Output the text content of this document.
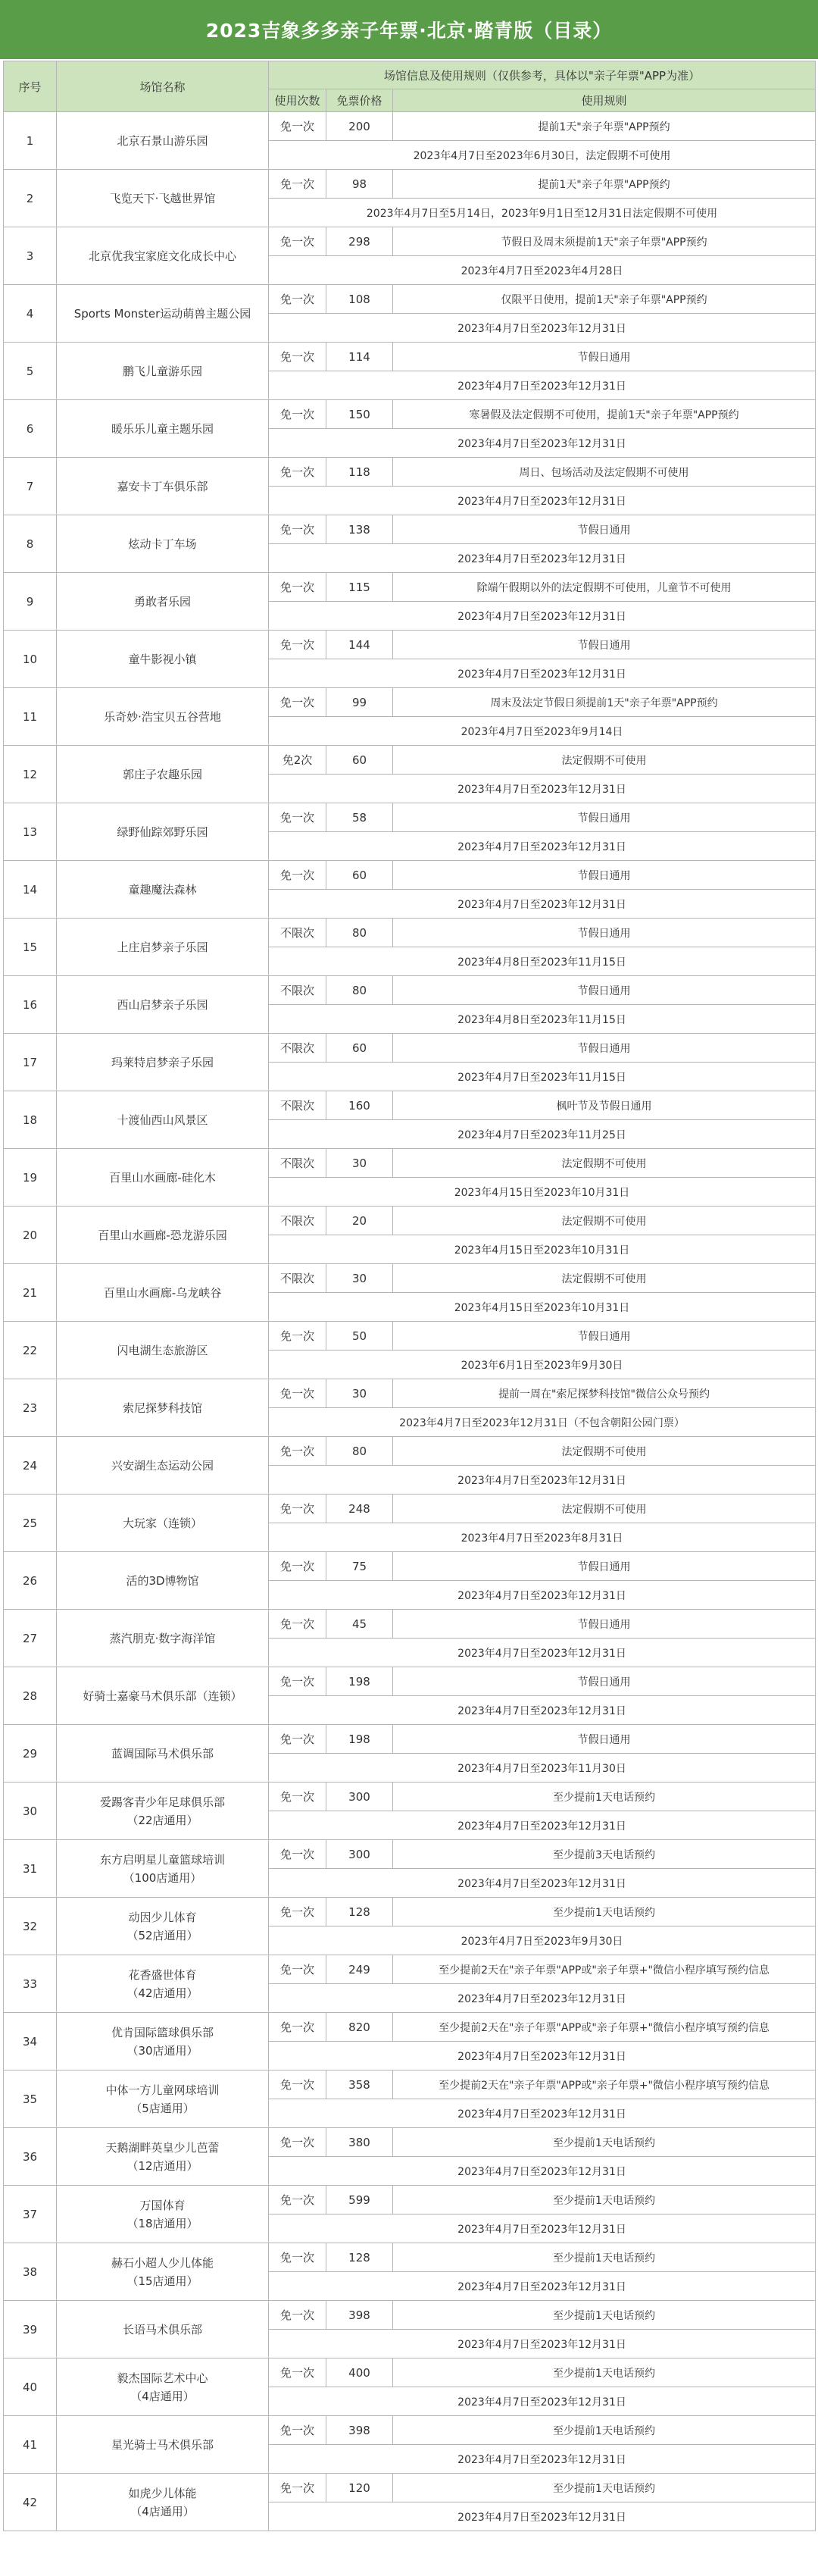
2023吉象多多亲子年票·北京·踏青版（目录）
序号	场馆名称	场馆信息及使用规则（仅供参考，具体以"亲子年票"APP为准）		
		使用次数	免票价格	使用规则
1	北京石景山游乐园	免一次	200	提前1天"亲子年票"APP预约
		2023年4月7日至2023年6月30日，法定假期不可使用		
2	飞览天下·飞越世界馆	免一次	98	提前1天"亲子年票"APP预约
		2023年4月7日至5月14日，2023年9月1日至12月31日法定假期不可使用		
3	北京优我宝家庭文化成长中心	免一次	298	节假日及周末须提前1天"亲子年票"APP预约
		2023年4月7日至2023年4月28日		
4	Sports Monster运动萌兽主题公园	免一次	108	仅限平日使用，提前1天"亲子年票"APP预约
		2023年4月7日至2023年12月31日		
5	鹏飞儿童游乐园	免一次	114	节假日通用
		2023年4月7日至2023年12月31日		
6	暖乐乐儿童主题乐园	免一次	150	寒暑假及法定假期不可使用，提前1天"亲子年票"APP预约
		2023年4月7日至2023年12月31日		
7	嘉安卡丁车俱乐部	免一次	118	周日、包场活动及法定假期不可使用
		2023年4月7日至2023年12月31日		
8	炫动卡丁车场	免一次	138	节假日通用
		2023年4月7日至2023年12月31日		
9	勇敢者乐园	免一次	115	除端午假期以外的法定假期不可使用，儿童节不可使用
		2023年4月7日至2023年12月31日		
10	童牛影视小镇	免一次	144	节假日通用
		2023年4月7日至2023年12月31日		
11	乐奇妙·浩宝贝五谷营地	免一次	99	周末及法定节假日须提前1天"亲子年票"APP预约
		2023年4月7日至2023年9月14日		
12	郭庄子农趣乐园	免2次	60	法定假期不可使用
		2023年4月7日至2023年12月31日		
13	绿野仙踪郊野乐园	免一次	58	节假日通用
		2023年4月7日至2023年12月31日		
14	童趣魔法森林	免一次	60	节假日通用
		2023年4月7日至2023年12月31日		
15	上庄启梦亲子乐园	不限次	80	节假日通用
		2023年4月8日至2023年11月15日		
16	西山启梦亲子乐园	不限次	80	节假日通用
		2023年4月8日至2023年11月15日		
17	玛莱特启梦亲子乐园	不限次	60	节假日通用
		2023年4月7日至2023年11月15日		
18	十渡仙西山风景区	不限次	160	枫叶节及节假日通用
		2023年4月7日至2023年11月25日		
19	百里山水画廊-硅化木	不限次	30	法定假期不可使用
		2023年4月15日至2023年10月31日		
20	百里山水画廊-恐龙游乐园	不限次	20	法定假期不可使用
		2023年4月15日至2023年10月31日		
21	百里山水画廊-乌龙峡谷	不限次	30	法定假期不可使用
		2023年4月15日至2023年10月31日		
22	闪电湖生态旅游区	免一次	50	节假日通用
		2023年6月1日至2023年9月30日		
23	索尼探梦科技馆	免一次	30	提前一周在"索尼探梦科技馆"微信公众号预约
		2023年4月7日至2023年12月31日（不包含朝阳公园门票）		
24	兴安湖生态运动公园	免一次	80	法定假期不可使用
		2023年4月7日至2023年12月31日		
25	大玩家（连锁）	免一次	248	法定假期不可使用
		2023年4月7日至2023年8月31日		
26	活的3D博物馆	免一次	75	节假日通用
		2023年4月7日至2023年12月31日		
27	蒸汽朋克·数字海洋馆	免一次	45	节假日通用
		2023年4月7日至2023年12月31日		
28	好骑士嘉豪马术俱乐部（连锁）	免一次	198	节假日通用
		2023年4月7日至2023年12月31日		
29	蓝调国际马术俱乐部	免一次	198	节假日通用
		2023年4月7日至2023年11月30日		
30	爱踢客青少年足球俱乐部
（22店通用）	免一次	300	至少提前1天电话预约
		2023年4月7日至2023年12月31日		
31	东方启明星儿童篮球培训
（100店通用）	免一次	300	至少提前3天电话预约
		2023年4月7日至2023年12月31日		
32	动因少儿体育
（52店通用）	免一次	128	至少提前1天电话预约
		2023年4月7日至2023年9月30日		
33	花香盛世体育
（42店通用）	免一次	249	至少提前2天在"亲子年票"APP或"亲子年票+"微信小程序填写预约信息
		2023年4月7日至2023年12月31日		
34	优肯国际篮球俱乐部
（30店通用）	免一次	820	至少提前2天在"亲子年票"APP或"亲子年票+"微信小程序填写预约信息
		2023年4月7日至2023年12月31日		
35	中体一方儿童网球培训
（5店通用）	免一次	358	至少提前2天在"亲子年票"APP或"亲子年票+"微信小程序填写预约信息
		2023年4月7日至2023年12月31日		
36	天鹅湖畔英皇少儿芭蕾
（12店通用）	免一次	380	至少提前1天电话预约
		2023年4月7日至2023年12月31日		
37	万国体育
（18店通用）	免一次	599	至少提前1天电话预约
		2023年4月7日至2023年12月31日		
38	赫石小超人少儿体能
（15店通用）	免一次	128	至少提前1天电话预约
		2023年4月7日至2023年12月31日		
39	长语马术俱乐部	免一次	398	至少提前1天电话预约
		2023年4月7日至2023年12月31日		
40	毅杰国际艺术中心
（4店通用）	免一次	400	至少提前1天电话预约
		2023年4月7日至2023年12月31日		
41	星光骑士马术俱乐部	免一次	398	至少提前1天电话预约
		2023年4月7日至2023年12月31日		
42	如虎少儿体能
（4店通用）	免一次	120	至少提前1天电话预约
		2023年4月7日至2023年12月31日		
